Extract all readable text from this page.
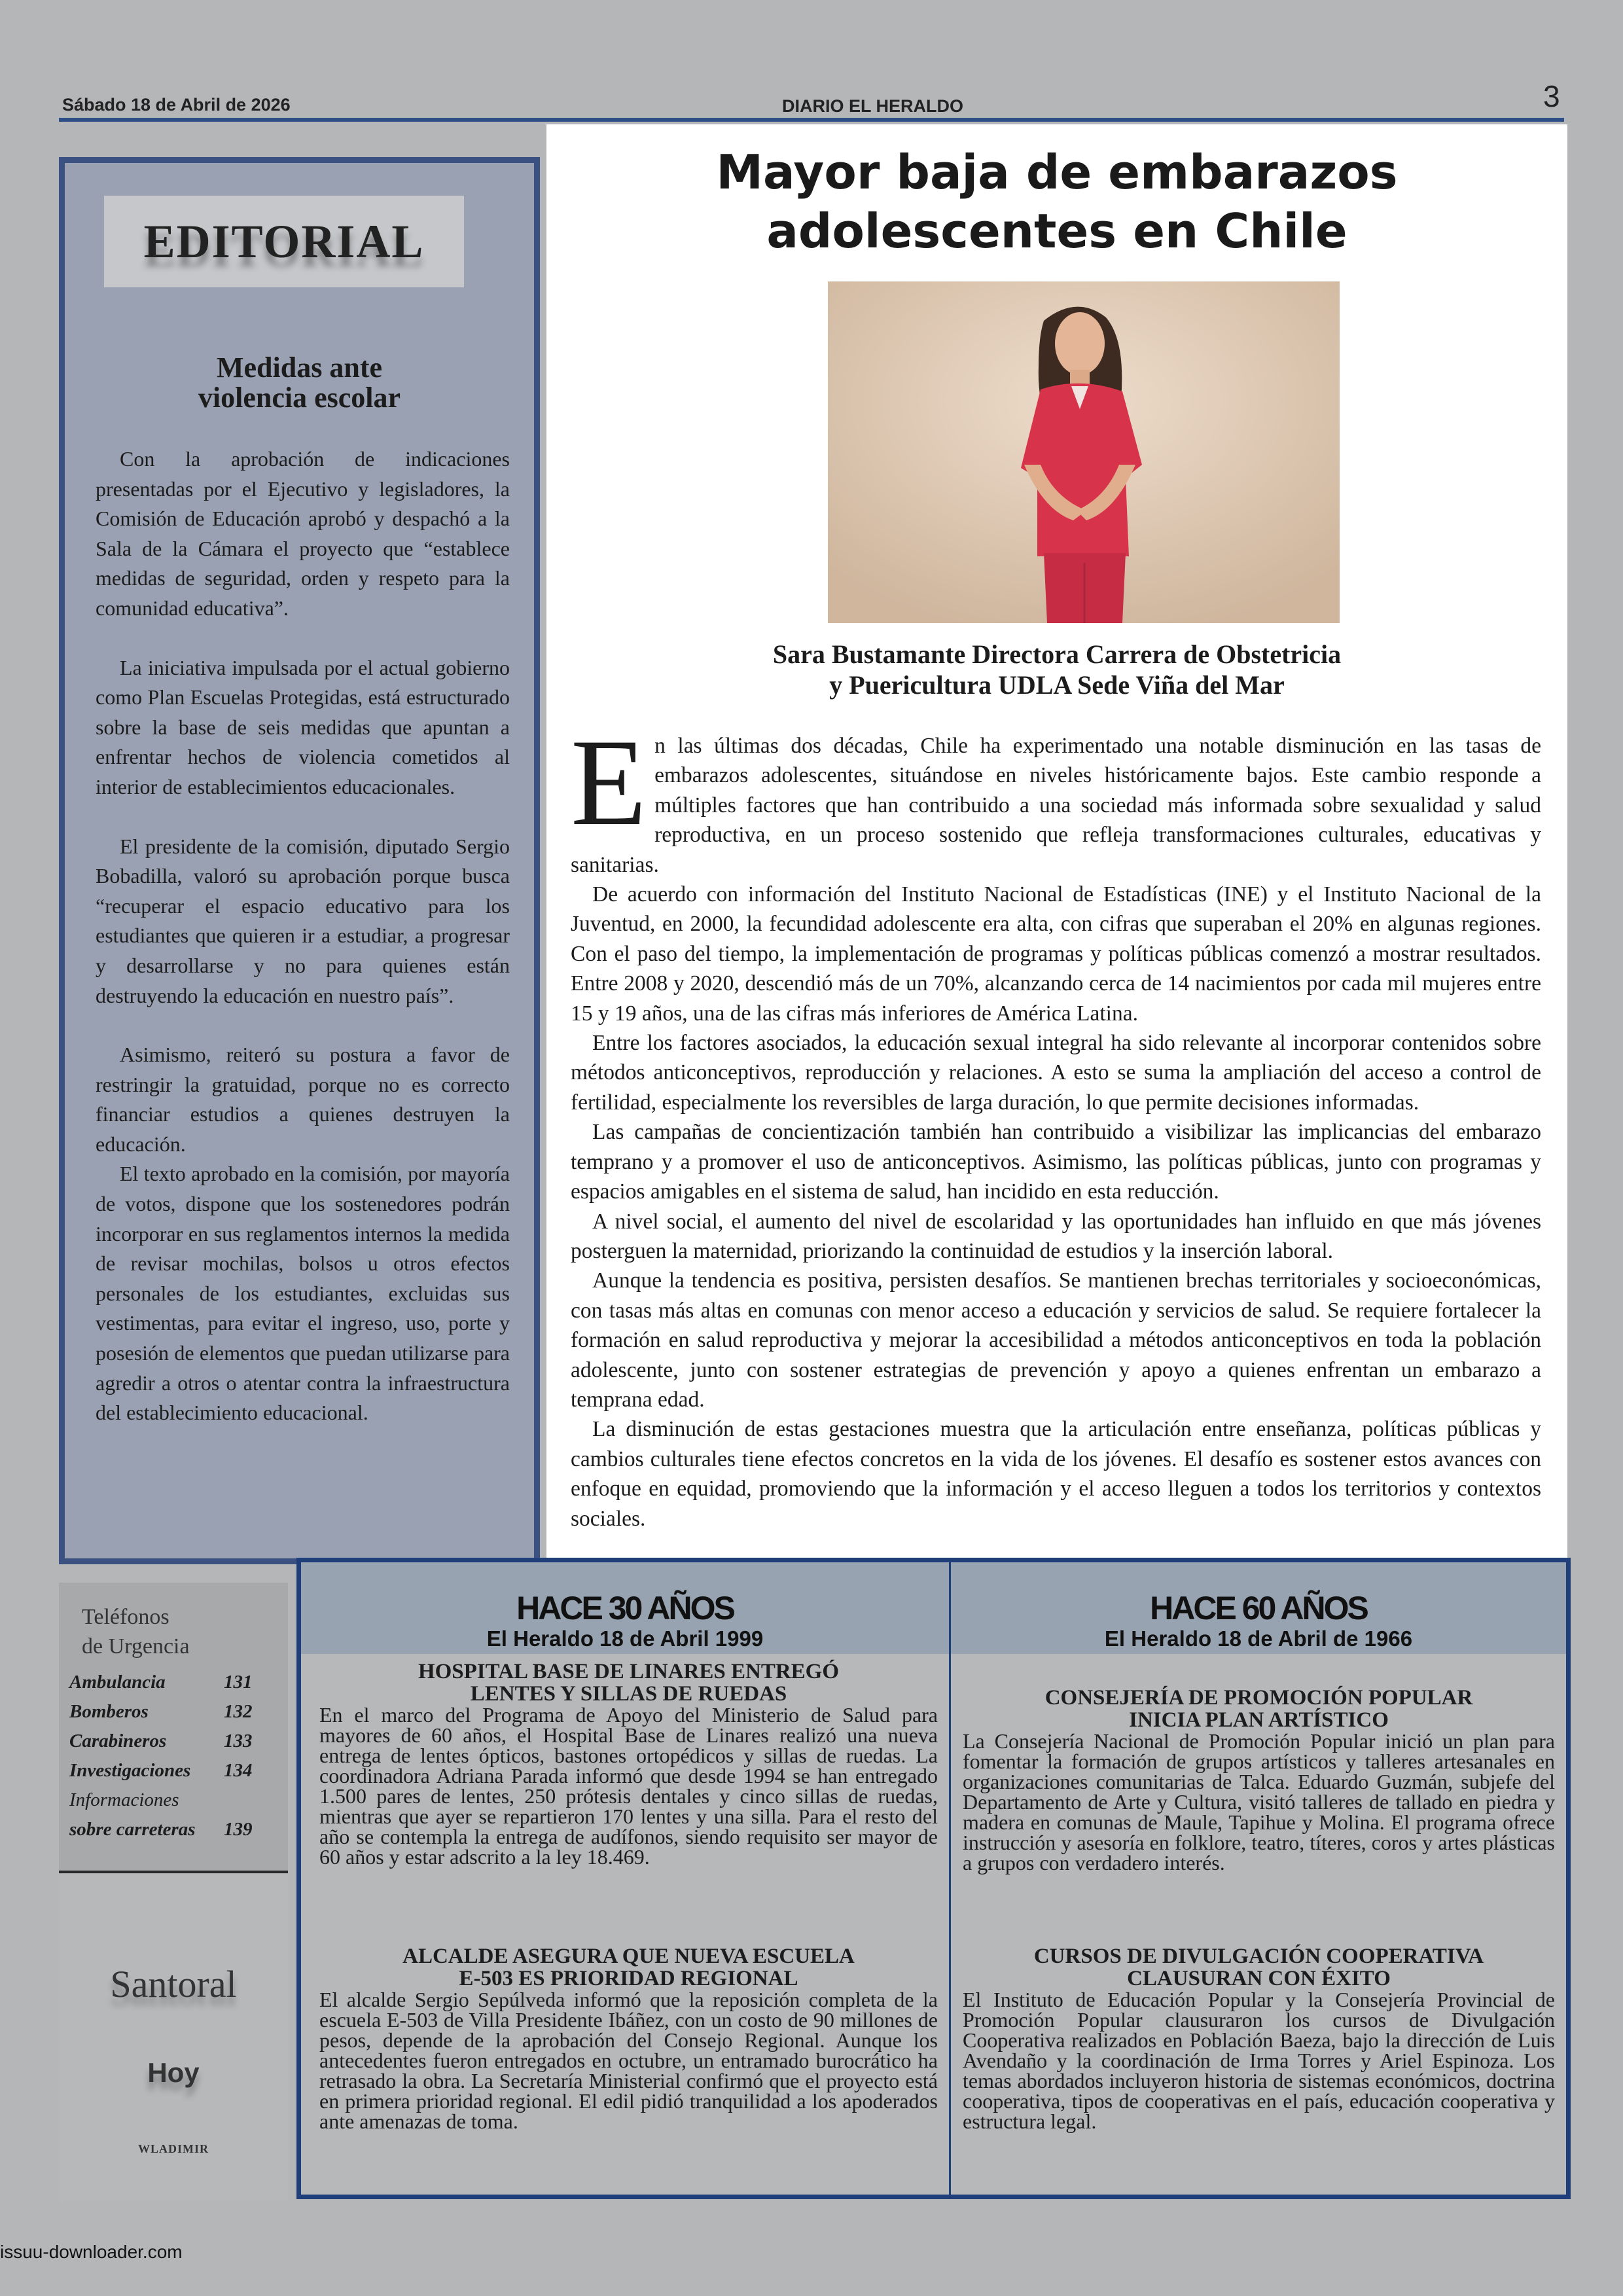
Sábado 18 de Abril de 2026	DIARIO EL HERALDO	3
EDITORIAL
Medidas ante
violencia escolar

Con la aprobación de indicaciones presentadas por el Ejecutivo y legisladores, la Comisión de Educación aprobó y despachó a la Sala de la Cámara el proyecto que “establece medidas de seguridad, orden y respeto para la comunidad educativa”.

La iniciativa impulsada por el actual gobierno como Plan Escuelas Protegidas, está estructurado sobre la base de seis medidas que apuntan a enfrentar hechos de violencia cometidos al interior de establecimientos educacionales.

El presidente de la comisión, diputado Sergio Bobadilla, valoró su aprobación porque busca “recuperar el espacio educativo para los estudiantes que quieren ir a estudiar, a progresar y desarrollarse y no para quienes están destruyendo la educación en nuestro país”.

Asimismo, reiteró su postura a favor de restringir la gratuidad, porque no es correcto financiar estudios a quienes destruyen la educación.

El texto aprobado en la comisión, por mayoría de votos, dispone que los sostenedores podrán incorporar en sus reglamentos internos la medida de revisar mochilas, bolsos u otros efectos personales de los estudiantes, excluidas sus vestimentas, para evitar el ingreso, uso, porte y posesión de elementos que puedan utilizarse para agredir a otros o atentar contra la infraestructura del establecimiento educacional.

Mayor baja de embarazos
adolescentes en Chile
Sara Bustamante Directora Carrera de Obstetricia
y Puericultura UDLA Sede Viña del Mar

En las últimas dos décadas, Chile ha experimentado una notable disminución en las tasas de embarazos adolescentes, situándose en niveles históricamente bajos. Este cambio responde a múltiples factores que han contribuido a una sociedad más informada sobre sexualidad y salud reproductiva, en un proceso sostenido que refleja transformaciones culturales, educativas y sanitarias.

De acuerdo con información del Instituto Nacional de Estadísticas (INE) y el Instituto Nacional de la Juventud, en 2000, la fecundidad adolescente era alta, con cifras que superaban el 20% en algunas regiones. Con el paso del tiempo, la implementación de programas y políticas públicas comenzó a mostrar resultados. Entre 2008 y 2020, descendió más de un 70%, alcanzando cerca de 14 nacimientos por cada mil mujeres entre 15 y 19 años, una de las cifras más inferiores de América Latina.

Entre los factores asociados, la educación sexual integral ha sido relevante al incorporar contenidos sobre métodos anticonceptivos, reproducción y relaciones. A esto se suma la ampliación del acceso a control de fertilidad, especialmente los reversibles de larga duración, lo que permite decisiones informadas.

Las campañas de concientización también han contribuido a visibilizar las implicancias del embarazo temprano y a promover el uso de anticonceptivos. Asimismo, las políticas públicas, junto con programas y espacios amigables en el sistema de salud, han incidido en esta reducción.

A nivel social, el aumento del nivel de escolaridad y las oportunidades han influido en que más jóvenes posterguen la maternidad, priorizando la continuidad de estudios y la inserción laboral.

Aunque la tendencia es positiva, persisten desafíos. Se mantienen brechas territoriales y socioeconómicas, con tasas más altas en comunas con menor acceso a educación y servicios de salud. Se requiere fortalecer la formación en salud reproductiva y mejorar la accesibilidad a métodos anticonceptivos en toda la población adolescente, junto con sostener estrategias de prevención y apoyo a quienes enfrentan un embarazo a temprana edad.

La disminución de estas gestaciones muestra que la articulación entre enseñanza, políticas públicas y cambios culturales tiene efectos concretos en la vida de los jóvenes. El desafío es sostener estos avances con enfoque en equidad, promoviendo que la información y el acceso lleguen a todos los territorios y contextos sociales.

Teléfonos
de Urgencia
Ambulancia	131
Bomberos	132
Carabineros	133
Investigaciones 134
Informaciones
sobre carreteras 139
Santoral
Hoy
WLADIMIR
HACE 30 AÑOS
El Heraldo 18 de Abril 1999
HOSPITAL BASE DE LINARES ENTREGÓ
LENTES Y SILLAS DE RUEDAS
En el marco del Programa de Apoyo del Ministerio de Salud para mayores de 60 años, el Hospital Base de Linares realizó una nueva entrega de lentes ópticos, bastones ortopédicos y sillas de ruedas. La coordinadora Adriana Parada informó que desde 1994 se han entregado 1.500 pares de lentes, 250 prótesis dentales y cinco sillas de ruedas, mientras que ayer se repartieron 170 lentes y una silla. Para el resto del año se contempla la entrega de audífonos, siendo requisito ser mayor de 60 años y estar adscrito a la ley 18.469.
ALCALDE ASEGURA QUE NUEVA ESCUELA
E-503 ES PRIORIDAD REGIONAL
El alcalde Sergio Sepúlveda informó que la reposición completa de la escuela E-503 de Villa Presidente Ibáñez, con un costo de 90 millones de pesos, depende de la aprobación del Consejo Regional. Aunque los antecedentes fueron entregados en octubre, un entramado burocrático ha retrasado la obra. La Secretaría Ministerial confirmó que el proyecto está en primera prioridad regional. El edil pidió tranquilidad a los apoderados ante amenazas de toma.
HACE 60 AÑOS
El Heraldo 18 de Abril de 1966
CONSEJERÍA DE PROMOCIÓN POPULAR
INICIA PLAN ARTÍSTICO
La Consejería Nacional de Promoción Popular inició un plan para fomentar la formación de grupos artísticos y talleres artesanales en organizaciones comunitarias de Talca. Eduardo Guzmán, subjefe del Departamento de Arte y Cultura, visitó talleres de tallado en piedra y madera en comunas de Maule, Tapihue y Molina. El programa ofrece instrucción y asesoría en folklore, teatro, títeres, coros y artes plásticas a grupos con verdadero interés.
CURSOS DE DIVULGACIÓN COOPERATIVA
CLAUSURAN CON ÉXITO
El Instituto de Educación Popular y la Consejería Provincial de Promoción Popular clausuraron los cursos de Divulgación Cooperativa realizados en Población Baeza, bajo la dirección de Luis Avendaño y la coordinación de Irma Torres y Ariel Espinoza. Los temas abordados incluyeron historia de sistemas económicos, doctrina cooperativa, tipos de cooperativas en el país, educación cooperativa y estructura legal.
issuu-downloader.com
